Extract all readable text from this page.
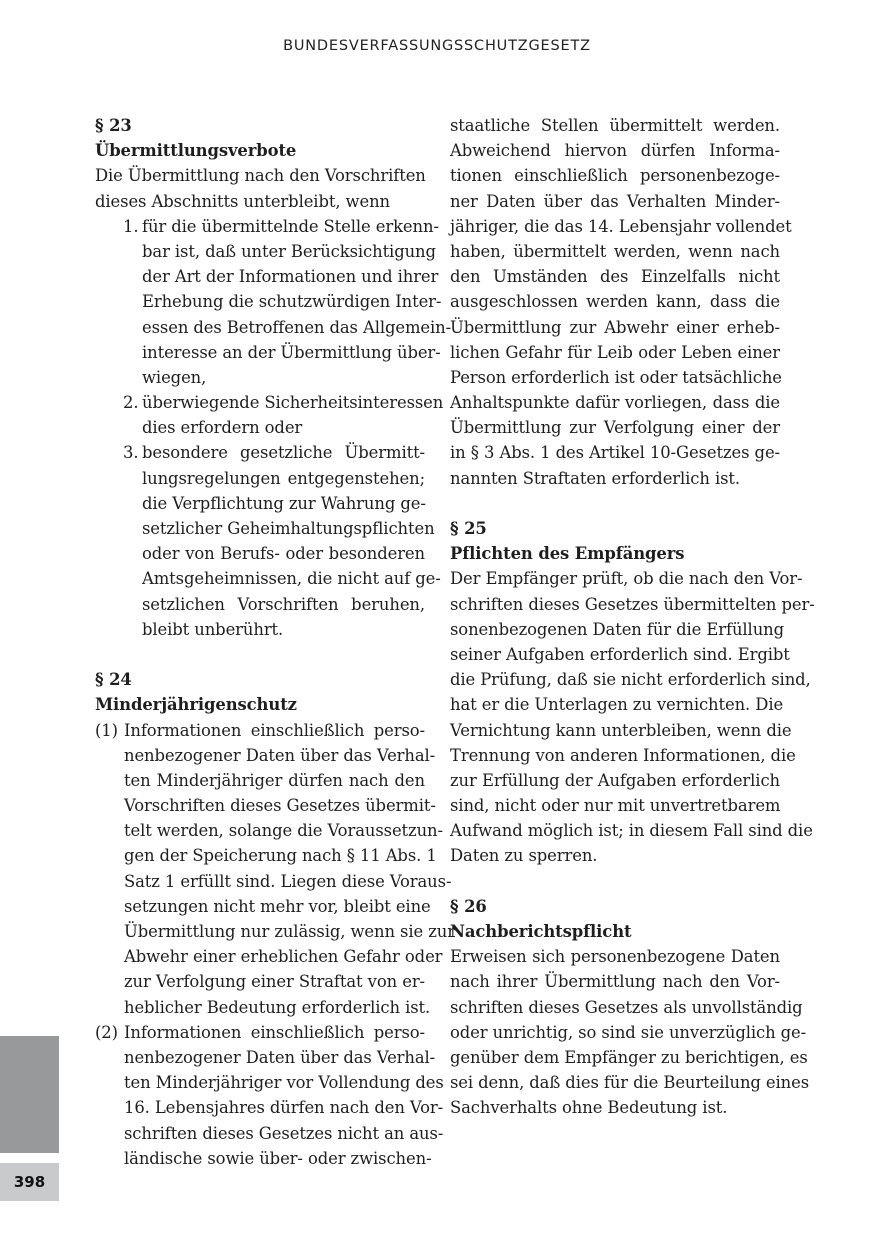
BUNDESVERFASSUNGSSCHUTZGESETZ
§ 23
Übermittlungsverbote
Die Übermittlung nach den Vorschriften
dieses Abschnitts unterbleibt, wenn
1. für die übermittelnde Stelle erkenn-
bar ist, daß unter Berücksichtigung
der Art der Informationen und ihrer
Erhebung die schutzwürdigen Inter-
essen des Betroffenen das Allgemein-
interesse an der Übermittlung über-
wiegen,
2. überwiegende Sicherheitsinteressen
dies erfordern oder
3. besondere gesetzliche Übermitt-
lungsregelungen entgegenstehen;
die Verpflichtung zur Wahrung ge-
setzlicher Geheimhaltungspflichten
oder von Berufs- oder besonderen
Amtsgeheimnissen, die nicht auf ge-
setzlichen Vorschriften beruhen,
bleibt unberührt.
§ 24
Minderjährigenschutz
(1) Informationen einschließlich perso-
nenbezogener Daten über das Verhal-
ten Minderjähriger dürfen nach den
Vorschriften dieses Gesetzes übermit-
telt werden, solange die Voraussetzun-
gen der Speicherung nach § 11 Abs. 1
Satz 1 erfüllt sind. Liegen diese Voraus-
setzungen nicht mehr vor, bleibt eine
Übermittlung nur zulässig, wenn sie zur
Abwehr einer erheblichen Gefahr oder
zur Verfolgung einer Straftat von er-
heblicher Bedeutung erforderlich ist.
(2) Informationen einschließlich perso-
nenbezogener Daten über das Verhal-
ten Minderjähriger vor Vollendung des
16. Lebensjahres dürfen nach den Vor-
schriften dieses Gesetzes nicht an aus-
ländische sowie über- oder zwischen-
staatliche Stellen übermittelt werden.
Abweichend hiervon dürfen Informa-
tionen einschließlich personenbezoge-
ner Daten über das Verhalten Minder-
jähriger, die das 14. Lebensjahr vollendet
haben, übermittelt werden, wenn nach
den Umständen des Einzelfalls nicht
ausgeschlossen werden kann, dass die
Übermittlung zur Abwehr einer erheb-
lichen Gefahr für Leib oder Leben einer
Person erforderlich ist oder tatsächliche
Anhaltspunkte dafür vorliegen, dass die
Übermittlung zur Verfolgung einer der
in § 3 Abs. 1 des Artikel 10-Gesetzes ge-
nannten Straftaten erforderlich ist.
§ 25
Pflichten des Empfängers
Der Empfänger prüft, ob die nach den Vor-
schriften dieses Gesetzes übermittelten per-
sonenbezogenen Daten für die Erfüllung
seiner Aufgaben erforderlich sind. Ergibt
die Prüfung, daß sie nicht erforderlich sind,
hat er die Unterlagen zu vernichten. Die
Vernichtung kann unterbleiben, wenn die
Trennung von anderen Informationen, die
zur Erfüllung der Aufgaben erforderlich
sind, nicht oder nur mit unvertretbarem
Aufwand möglich ist; in diesem Fall sind die
Daten zu sperren.
§ 26
Nachberichtspflicht
Erweisen sich personenbezogene Daten
nach ihrer Übermittlung nach den Vor-
schriften dieses Gesetzes als unvollständig
oder unrichtig, so sind sie unverzüglich ge-
genüber dem Empfänger zu berichtigen, es
sei denn, daß dies für die Beurteilung eines
Sachverhalts ohne Bedeutung ist.
398
